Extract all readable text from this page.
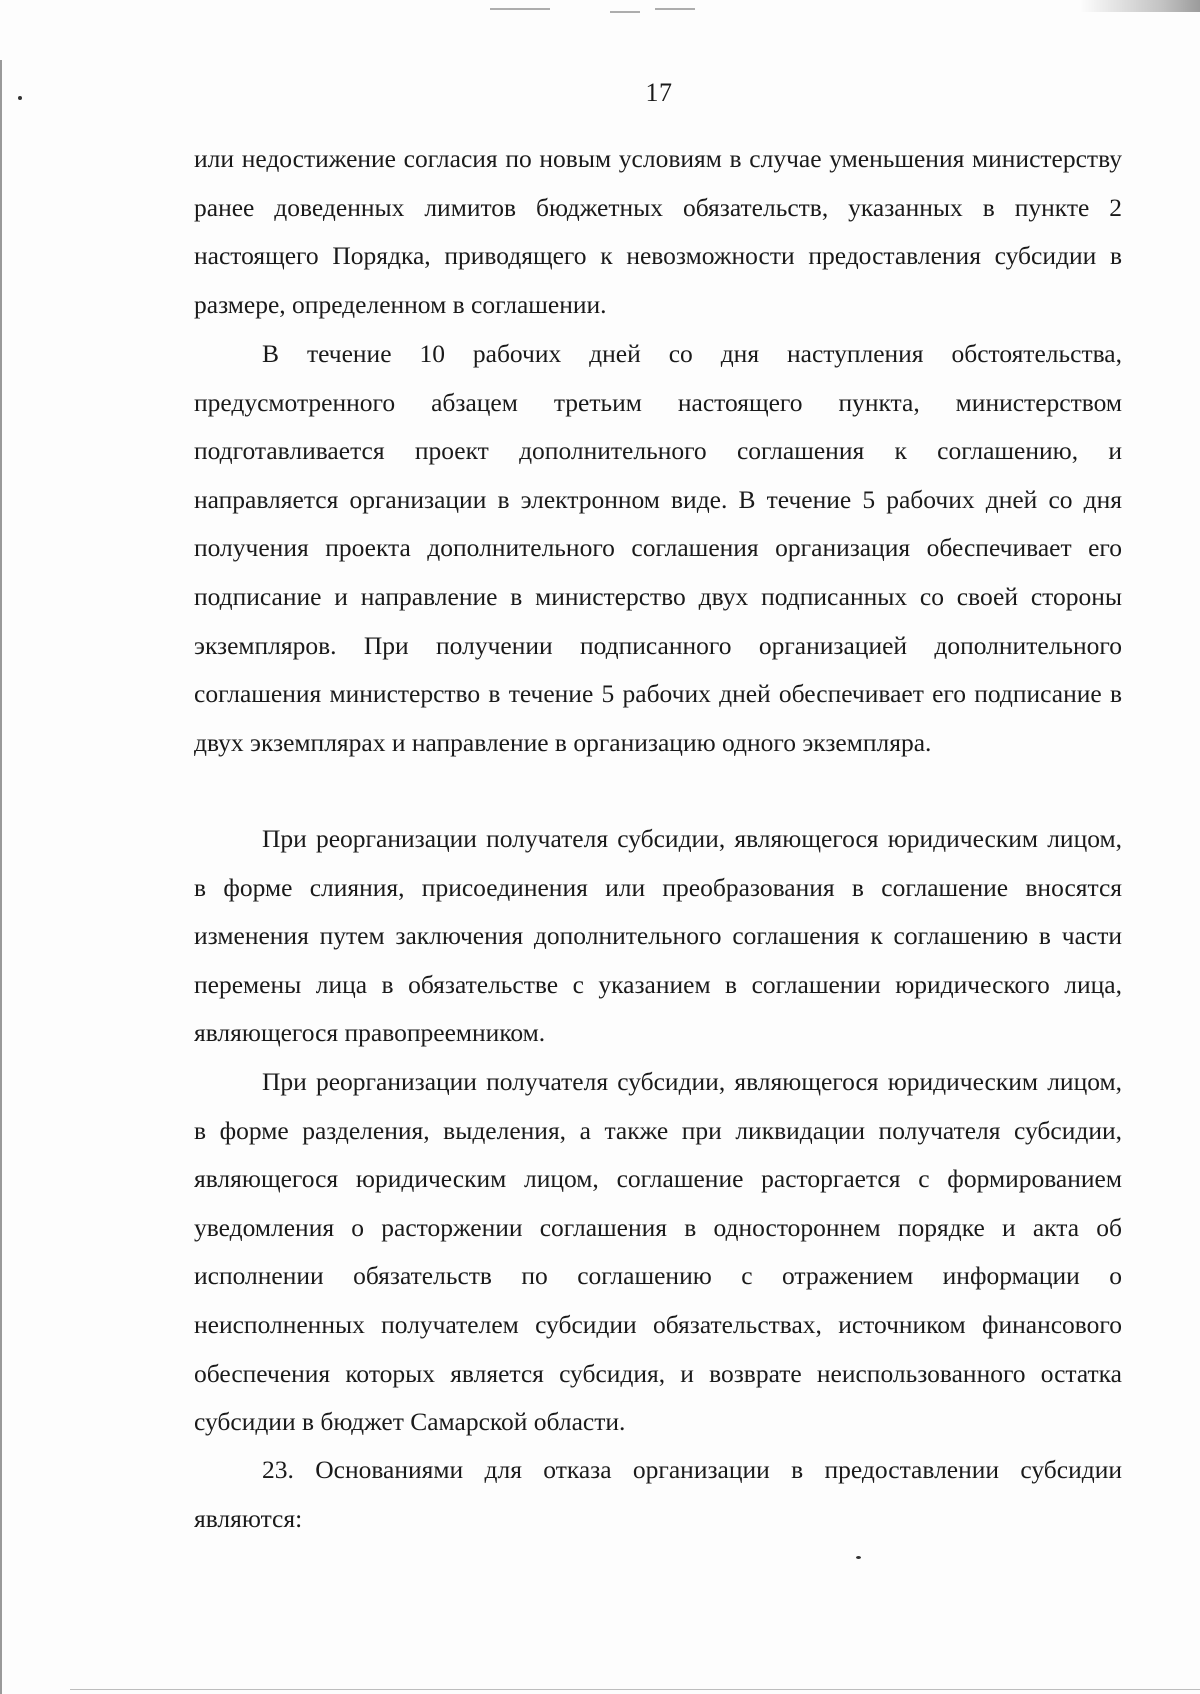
17

или недостижение согласия по новым условиям в случае уменьшения министерству ранее доведенных лимитов бюджетных обязательств, указанных в пункте 2 настоящего Порядка, приводящего к невозможности предоставления субсидии в размере, определенном в соглашении.

В течение 10 рабочих дней со дня наступления обстоятельства, предусмотренного абзацем третьим настоящего пункта, министерством подготавливается проект дополнительного соглашения к соглашению, и направляется организации в электронном виде. В течение 5 рабочих дней со дня получения проекта дополнительного соглашения организация обеспечивает его подписание и направление в министерство двух подписанных со своей стороны экземпляров. При получении подписанного организацией дополнительного соглашения министерство в течение 5 рабочих дней обеспечивает его подписание в двух экземплярах и направление в организацию одного экземпляра.

При реорганизации получателя субсидии, являющегося юридическим лицом, в форме слияния, присоединения или преобразования в соглашение вносятся изменения путем заключения дополнительного соглашения к соглашению в части перемены лица в обязательстве с указанием в соглашении юридического лица, являющегося правопреемником.

При реорганизации получателя субсидии, являющегося юридическим лицом, в форме разделения, выделения, а также при ликвидации получателя субсидии, являющегося юридическим лицом, соглашение расторгается с формированием уведомления о расторжении соглашения в одностороннем порядке и акта об исполнении обязательств по соглашению с отражением информации о неисполненных получателем субсидии обязательствах, источником финансового обеспечения которых является субсидия, и возврате неиспользованного остатка субсидии в бюджет Самарской области.

23. Основаниями для отказа организации в предоставлении субсидии являются:
